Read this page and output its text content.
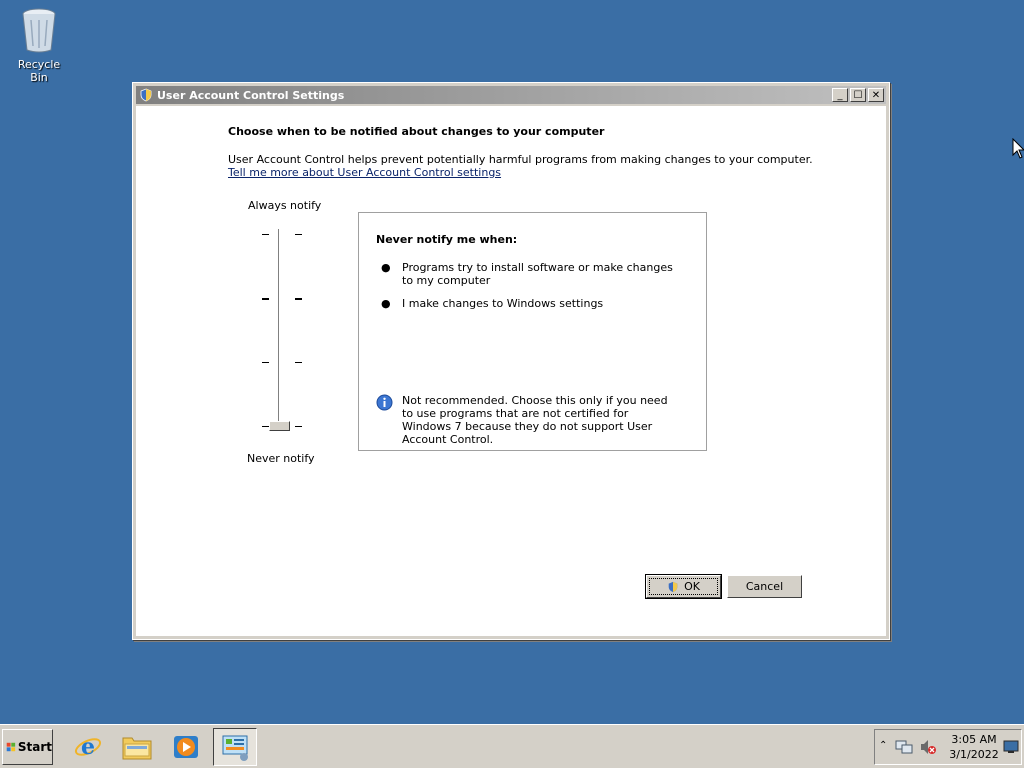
Recycle Bin
User Account Control Settings	_ ☐ ✕
Choose when to be notified about changes to your computer
User Account Control helps prevent potentially harmful programs from making changes to your computer.
Tell me more about User Account Control settings
Always notify
Never notify
Never notify me when:
●	Programs try to install software or make changes to my computer
●	I make changes to Windows settings
Not recommended. Choose this only if you need to use programs that are not certified for Windows 7 because they do not support User Account Control.
OK	Cancel
Start e	⌃	3:05 AM
3/1/2022
